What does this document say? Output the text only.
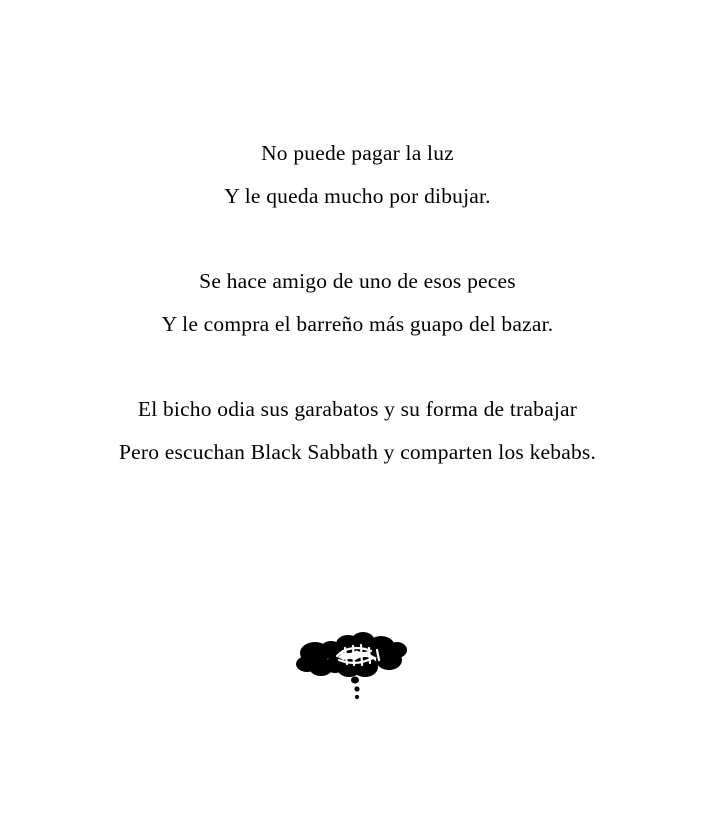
No puede pagar la luz
Y le queda mucho por dibujar.
Se hace amigo de uno de esos peces
Y le compra el barreño más guapo del bazar.
El bicho odia sus garabatos y su forma de trabajar
Pero escuchan Black Sabbath y comparten los kebabs.
